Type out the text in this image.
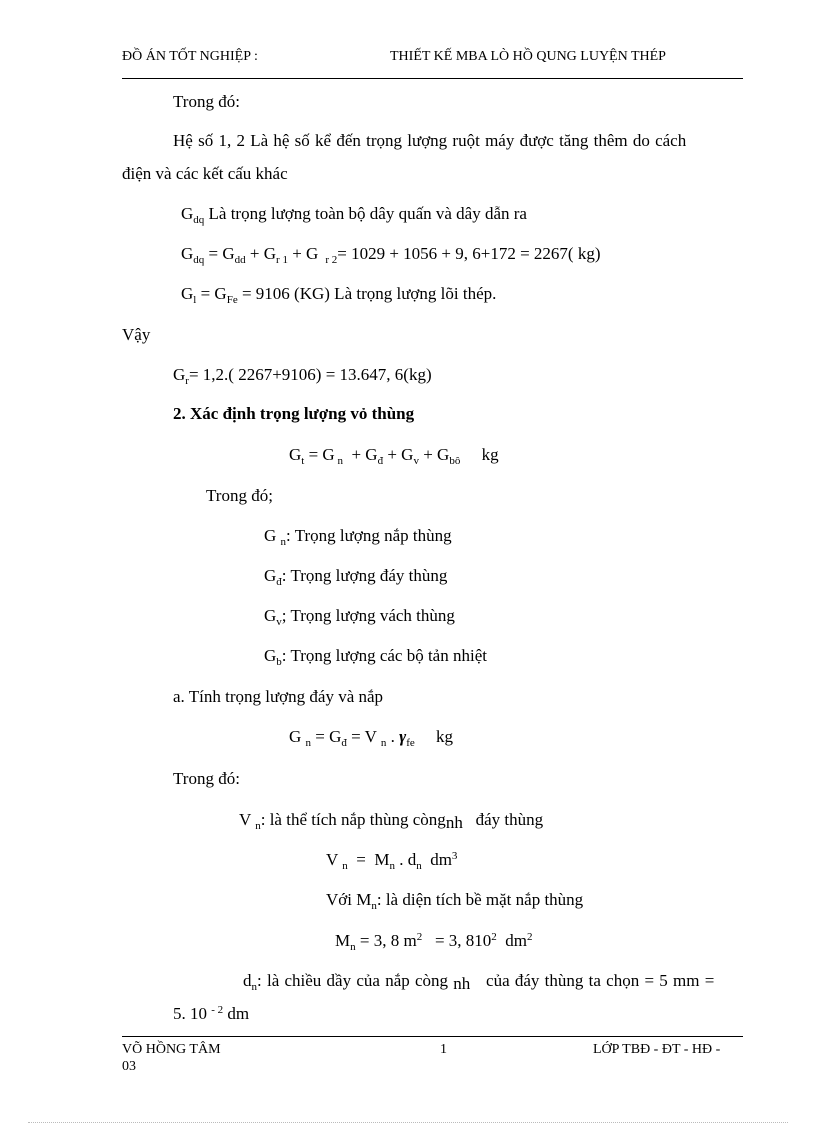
ĐỒ ÁN TỐT NGHIỆP :	THIẾT KẾ MBA LÒ HỒ QUNG LUYỆN THÉP
Trong đó:
Hệ số 1, 2 Là hệ số kể đến trọng lượng ruột máy được tăng thêm do cách
điện và các kết cấu khác
$G_{dq}$ Là trọng lượng toàn bộ dây quấn và dây dẫn ra
$G_{dq} = G_{dd} + G_{r 1} + G$  $_{r 2}$= 1029 + 1056 + 9, 6+172 = 2267( kg)
$G_l = G_{Fe} = 9106$ (KG) Là trọng lượng lõi thép.
Vậy
$G_r= 1,2$.( 2267+9106) = 13.647, 6(kg)
2. Xác định trọng lượng vỏ thùng
$G_t = G$ $_n + G_đ + G_v + G_{bô}$ kg
Trong đó;
G $_n$: Trọng lượng nắp thùng
$G_đ$: Trọng lượng đáy thùng
$G_v$; Trọng lượng vách thùng
$G_b$: Trọng lượng các bộ tản nhiệt
a. Tính trọng lượng đáy và nắp
G $_n = G_đ = V$ $_n$ . $\gamma_{fe}$ kg
Trong đó:
V $_n$: là thể tích nắp thùng còngnh đáy thùng
V $_n = M_n$ . $d_n$ $dm^3$
Với $M_n$: là diện tích bề mặt nắp thùng
$M_n = 3$, 8 $m^2 = 3$, $810^2$ $dm^2$
$d_n$: là chiều dầy của nắp còng nh của đáy thùng ta chọn = 5 mm =
5. 10 $^{- 2}$ dm
VÕ HỒNG TÂM
03
1	LỚP TBĐ - ĐT - HĐ -
